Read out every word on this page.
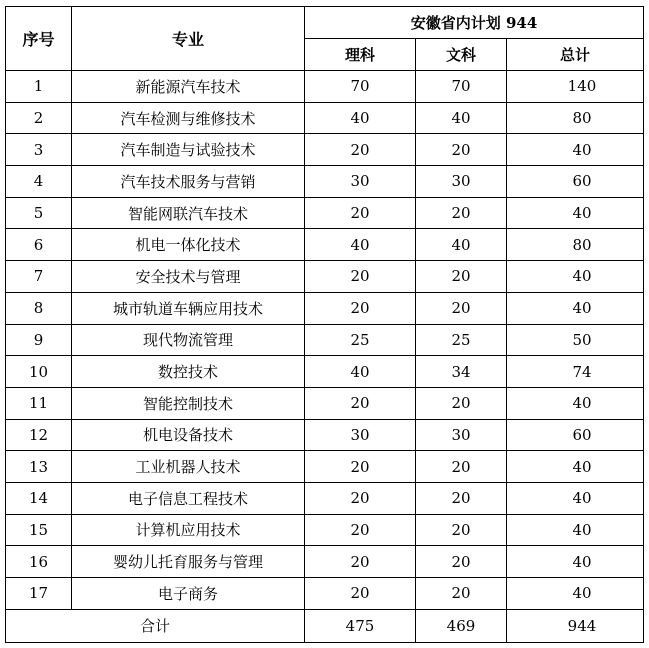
序号	专业	安徽省内计划 944		
		理科	文科	总计
1	新能源汽车技术	70	70	140
2	汽车检测与维修技术	40	40	80
3	汽车制造与试验技术	20	20	40
4	汽车技术服务与营销	30	30	60
5	智能网联汽车技术	20	20	40
6	机电一体化技术	40	40	80
7	安全技术与管理	20	20	40
8	城市轨道车辆应用技术	20	20	40
9	现代物流管理	25	25	50
10	数控技术	40	34	74
11	智能控制技术	20	20	40
12	机电设备技术	30	30	60
13	工业机器人技术	20	20	40
14	电子信息工程技术	20	20	40
15	计算机应用技术	20	20	40
16	婴幼儿托育服务与管理	20	20	40
17	电子商务	20	20	40
合计		475	469	944
